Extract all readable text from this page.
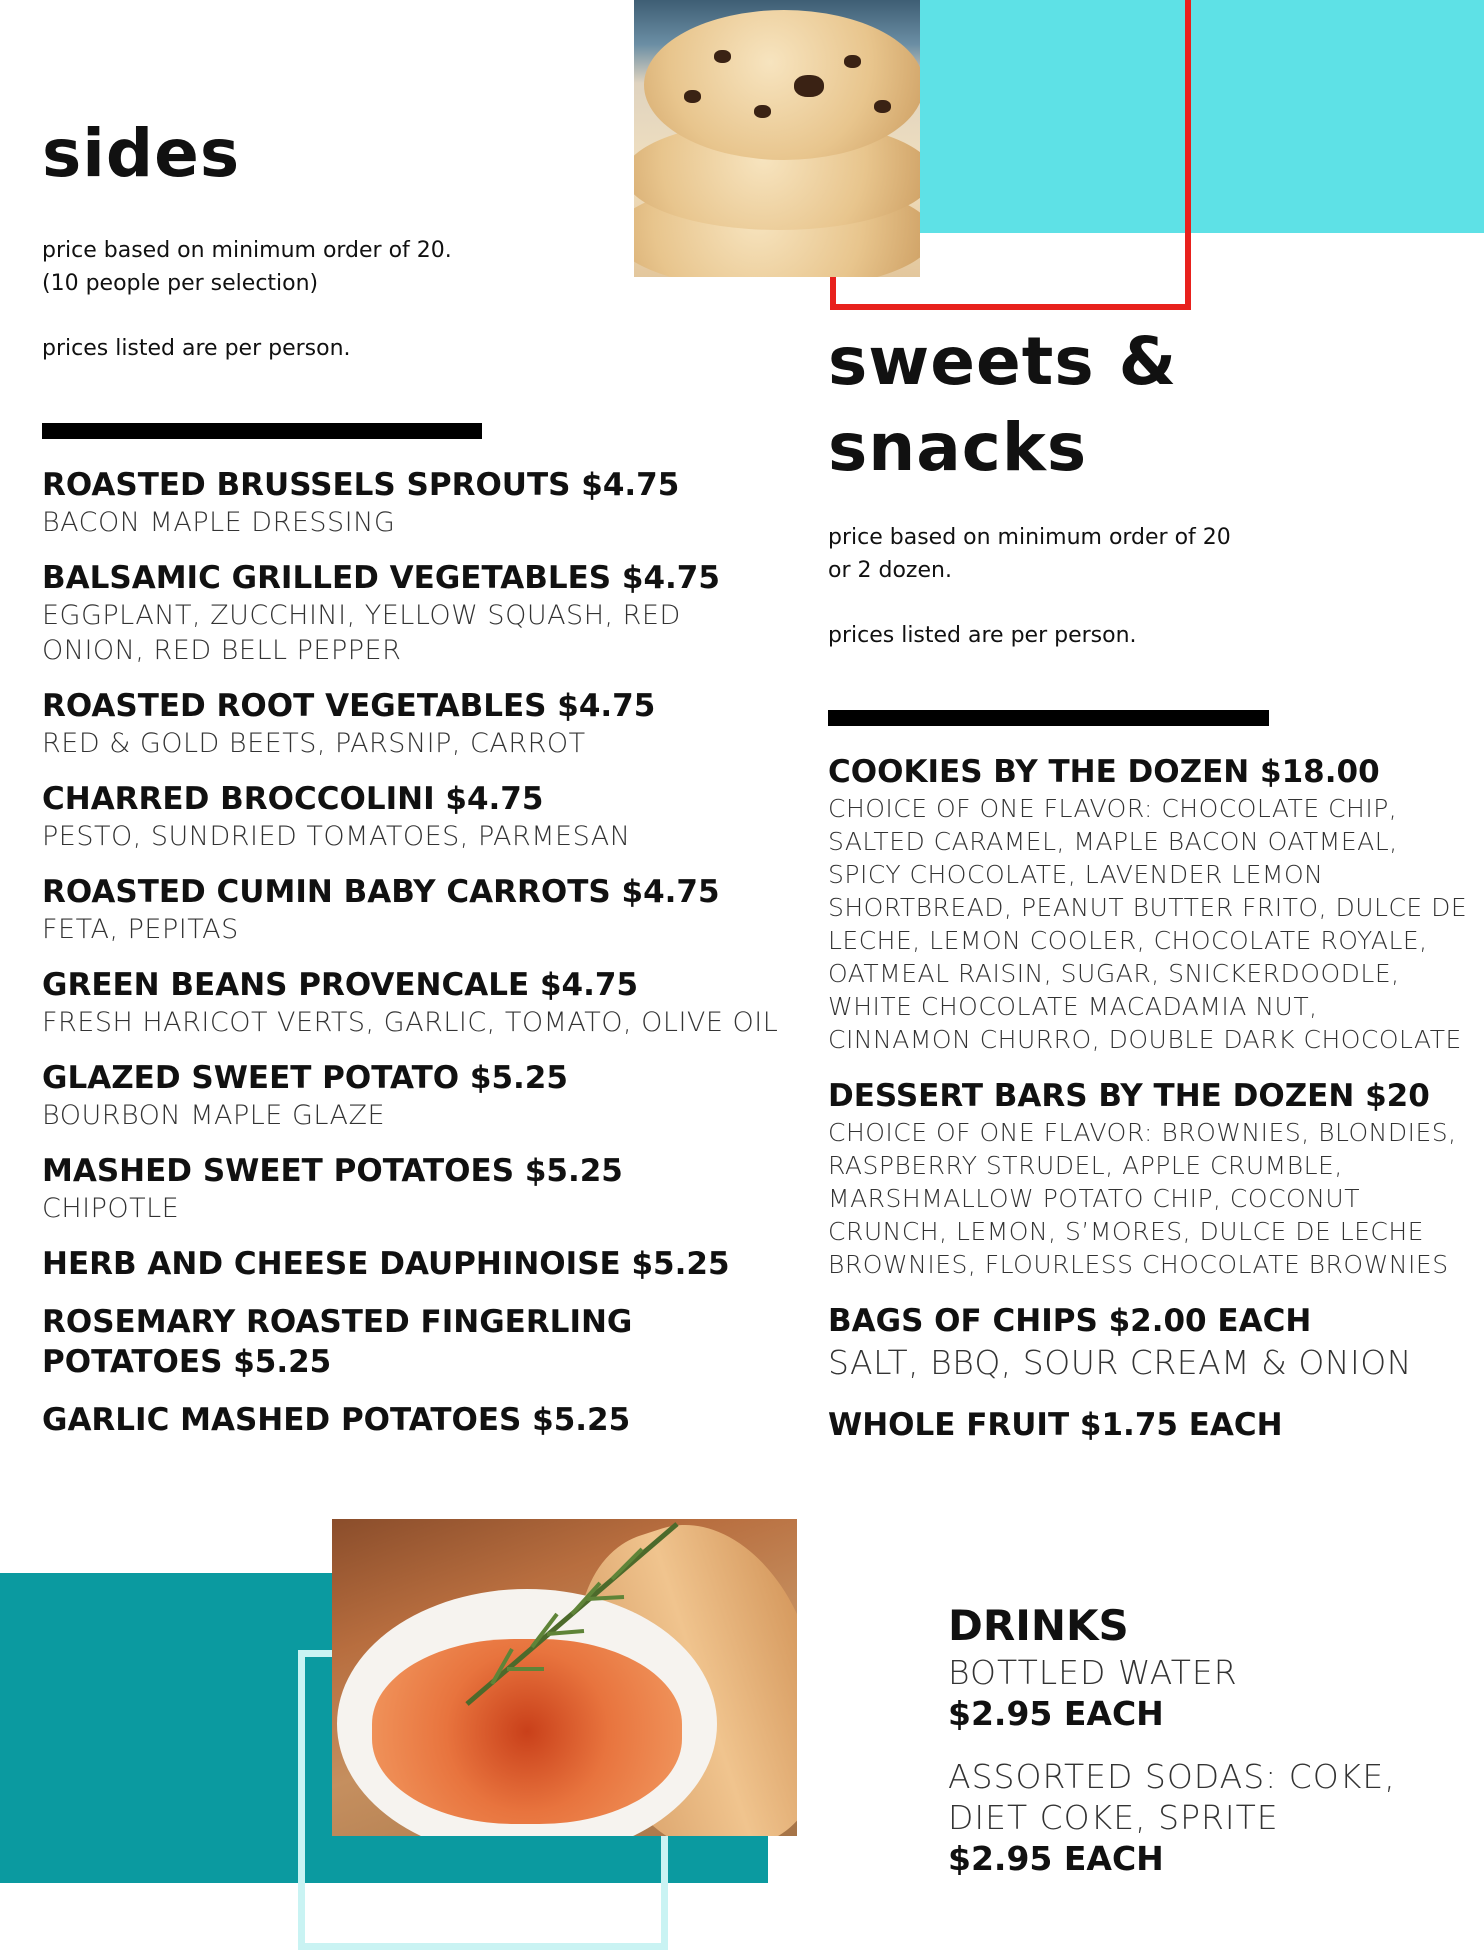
sides
price based on minimum order of 20.
(10 people per selection)
prices listed are per person.
ROASTED BRUSSELS SPROUTS $4.75
BACON MAPLE DRESSING
BALSAMIC GRILLED VEGETABLES $4.75
EGGPLANT, ZUCCHINI, YELLOW SQUASH, RED ONION, RED BELL PEPPER
ROASTED ROOT VEGETABLES $4.75
RED & GOLD BEETS, PARSNIP, CARROT
CHARRED BROCCOLINI $4.75
PESTO, SUNDRIED TOMATOES, PARMESAN
ROASTED CUMIN BABY CARROTS $4.75
FETA, PEPITAS
GREEN BEANS PROVENCALE $4.75
FRESH HARICOT VERTS, GARLIC, TOMATO, OLIVE OIL
GLAZED SWEET POTATO $5.25
BOURBON MAPLE GLAZE
MASHED SWEET POTATOES $5.25
CHIPOTLE
HERB AND CHEESE DAUPHINOISE $5.25
ROSEMARY ROASTED FINGERLING POTATOES $5.25
GARLIC MASHED POTATOES $5.25
sweets & snacks
price based on minimum order of 20
or 2 dozen.
prices listed are per person.
COOKIES BY THE DOZEN $18.00
CHOICE OF ONE FLAVOR: CHOCOLATE CHIP, SALTED CARAMEL, MAPLE BACON OATMEAL, SPICY CHOCOLATE, LAVENDER LEMON SHORTBREAD, PEANUT BUTTER FRITO, DULCE DE LECHE, LEMON COOLER, CHOCOLATE ROYALE, OATMEAL RAISIN, SUGAR, SNICKERDOODLE, WHITE CHOCOLATE MACADAMIA NUT, CINNAMON CHURRO, DOUBLE DARK CHOCOLATE
DESSERT BARS BY THE DOZEN $20
CHOICE OF ONE FLAVOR: BROWNIES, BLONDIES, RASPBERRY STRUDEL, APPLE CRUMBLE, MARSHMALLOW POTATO CHIP, COCONUT CRUNCH, LEMON, S’MORES, DULCE DE LECHE BROWNIES, FLOURLESS CHOCOLATE BROWNIES
BAGS OF CHIPS $2.00 EACH
SALT, BBQ, SOUR CREAM & ONION
WHOLE FRUIT $1.75 EACH
DRINKS
BOTTLED WATER
$2.95 EACH
ASSORTED SODAS: COKE, DIET COKE, SPRITE
$2.95 EACH
